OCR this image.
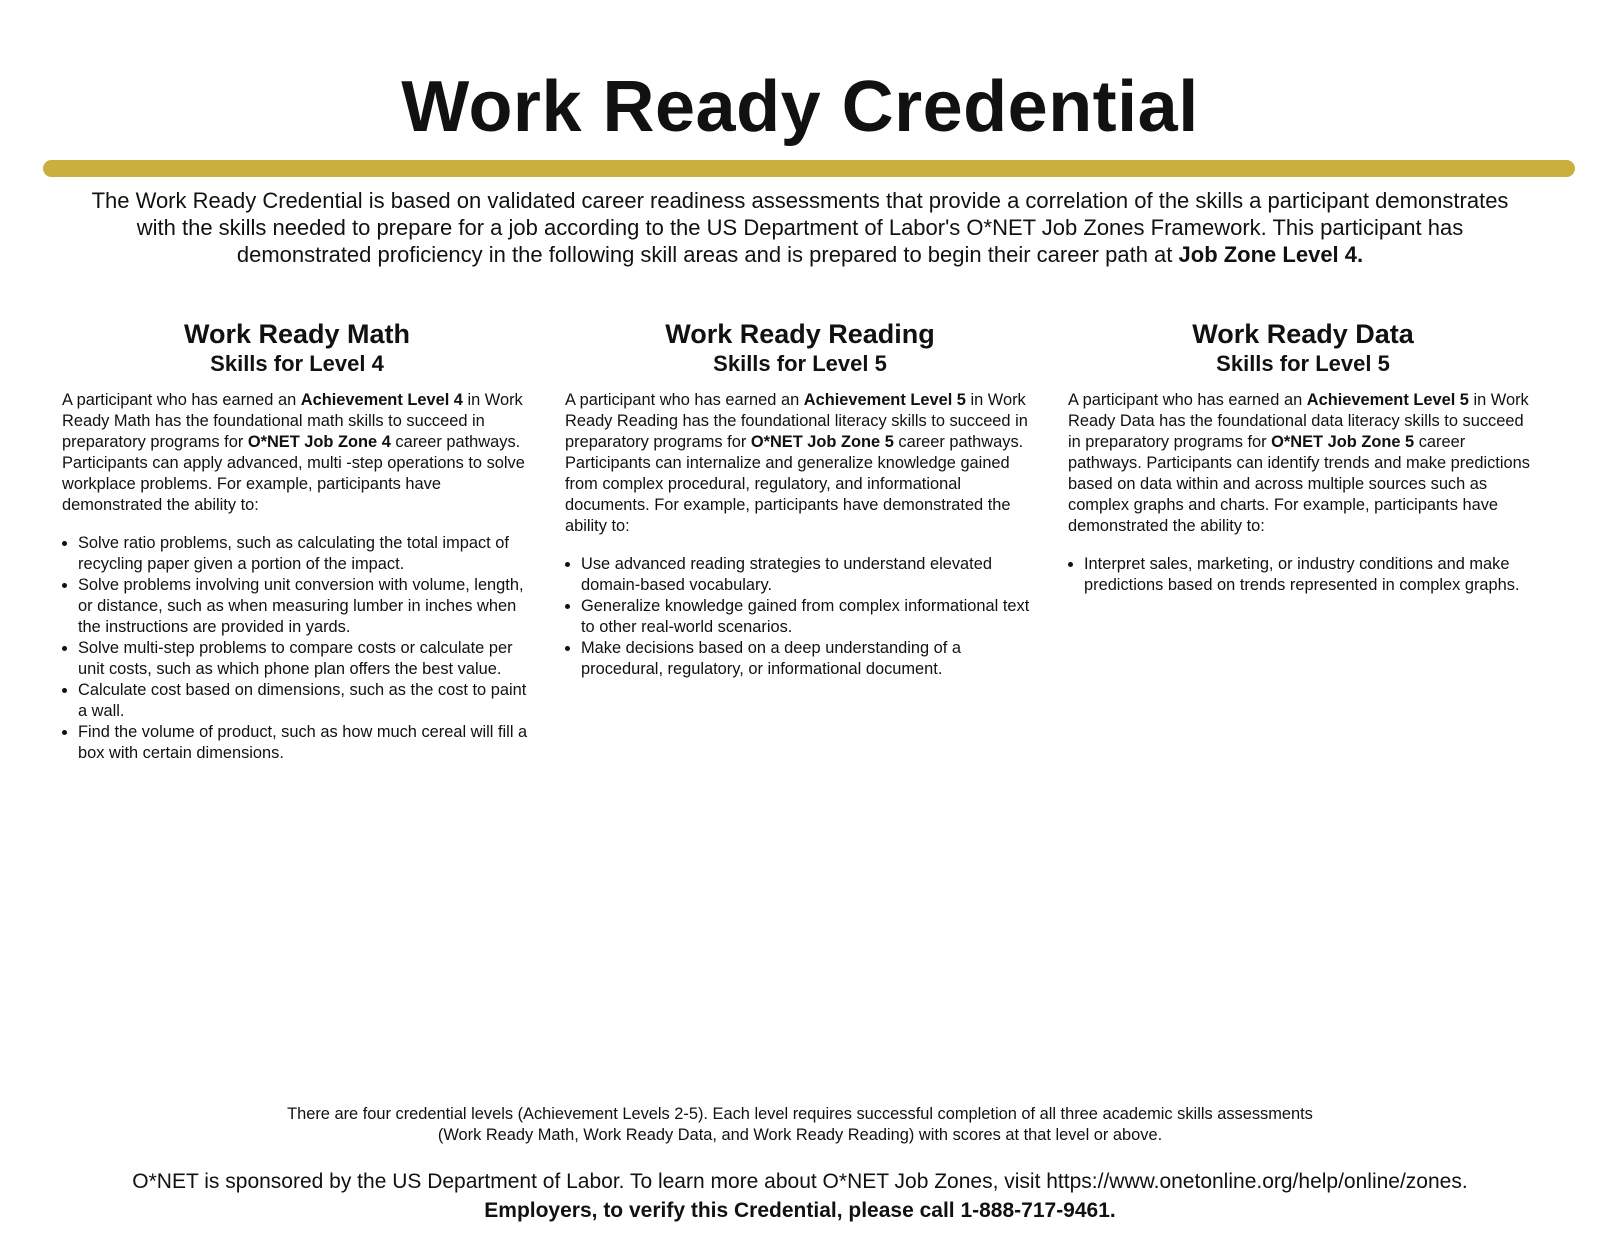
Work Ready Credential

The Work Ready Credential is based on validated career readiness assessments that provide a correlation of the skills a participant demonstrates with the skills needed to prepare for a job according to the US Department of Labor's O*NET Job Zones Framework. This participant has demonstrated proficiency in the following skill areas and is prepared to begin their career path at Job Zone Level 4.

Work Ready Math
Skills for Level 4

A participant who has earned an Achievement Level 4 in Work Ready Math has the foundational math skills to succeed in preparatory programs for O*NET Job Zone 4 career pathways. Participants can apply advanced, multi -step operations to solve workplace problems. For example, participants have demonstrated the ability to:

• Solve ratio problems, such as calculating the total impact of recycling paper given a portion of the impact.
• Solve problems involving unit conversion with volume, length, or distance, such as when measuring lumber in inches when the instructions are provided in yards.
• Solve multi-step problems to compare costs or calculate per unit costs, such as which phone plan offers the best value.
• Calculate cost based on dimensions, such as the cost to paint a wall.
• Find the volume of product, such as how much cereal will fill a box with certain dimensions.
Work Ready Reading
Skills for Level 5

A participant who has earned an Achievement Level 5 in Work Ready Reading has the foundational literacy skills to succeed in preparatory programs for O*NET Job Zone 5 career pathways. Participants can internalize and generalize knowledge gained from complex procedural, regulatory, and informational documents. For example, participants have demonstrated the ability to:

• Use advanced reading strategies to understand elevated domain-based vocabulary.
• Generalize knowledge gained from complex informational text to other real-world scenarios.
• Make decisions based on a deep understanding of a procedural, regulatory, or informational document.
Work Ready Data
Skills for Level 5

A participant who has earned an Achievement Level 5 in Work Ready Data has the foundational data literacy skills to succeed in preparatory programs for O*NET Job Zone 5 career pathways. Participants can identify trends and make predictions based on data within and across multiple sources such as complex graphs and charts. For example, participants have demonstrated the ability to:

• Interpret sales, marketing, or industry conditions and make predictions based on trends represented in complex graphs.

There are four credential levels (Achievement Levels 2-5). Each level requires successful completion of all three academic skills assessments
(Work Ready Math, Work Ready Data, and Work Ready Reading) with scores at that level or above.

O*NET is sponsored by the US Department of Labor. To learn more about O*NET Job Zones, visit https://www.onetonline.org/help/online/zones.
Employers, to verify this Credential, please call 1-888-717-9461.
